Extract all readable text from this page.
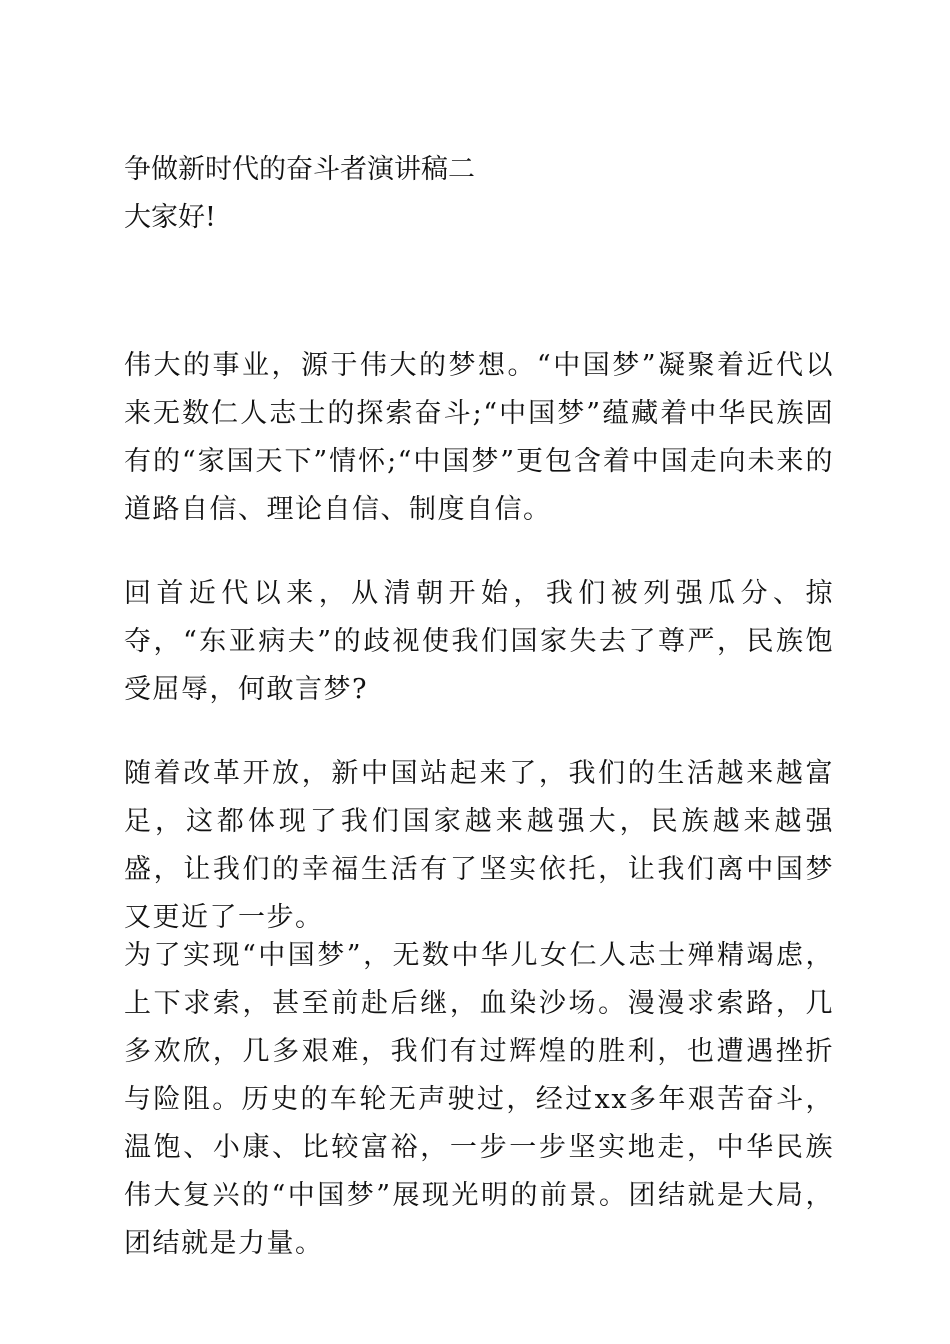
争做新时代的奋斗者演讲稿二
大家好!

伟大的事业，源于伟大的梦想。“中国梦”凝聚着近代以来无数仁人志士的探索奋斗;“中国梦”蕴藏着中华民族固有的“家国天下”情怀;“中国梦”更包含着中国走向未来的道路自信、理论自信、制度自信。

回首近代以来，从清朝开始，我们被列强瓜分、掠夺，“东亚病夫”的歧视使我们国家失去了尊严，民族饱受屈辱，何敢言梦?

随着改革开放，新中国站起来了，我们的生活越来越富足，这都体现了我们国家越来越强大，民族越来越强盛，让我们的幸福生活有了坚实依托，让我们离中国梦又更近了一步。

为了实现“中国梦”，无数中华儿女仁人志士殚精竭虑，上下求索，甚至前赴后继，血染沙场。漫漫求索路，几多欢欣，几多艰难，我们有过辉煌的胜利，也遭遇挫折与险阻。历史的车轮无声驶过，经过xx多年艰苦奋斗，温饱、小康、比较富裕，一步一步坚实地走，中华民族伟大复兴的“中国梦”展现光明的前景。团结就是大局，团结就是力量。
